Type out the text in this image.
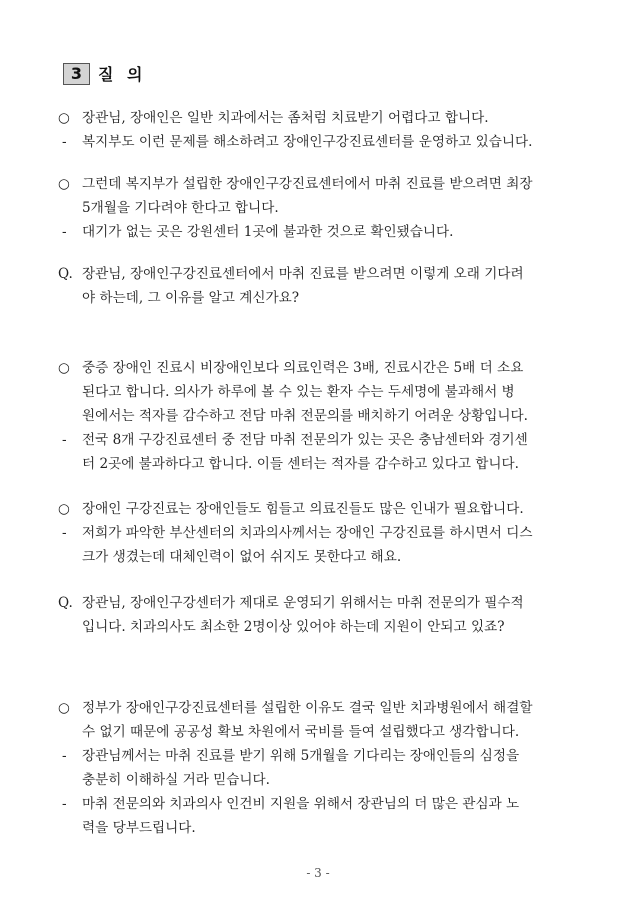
3 질 의
○ 장관님, 장애인은 일반 치과에서는 좀처럼 치료받기 어렵다고 합니다.
-	복지부도 이런 문제를 해소하려고 장애인구강진료센터를 운영하고 있습니다.
○ 그런데 복지부가 설립한 장애인구강진료센터에서 마취 진료를 받으려면 최장
5개월을 기다려야 한다고 합니다.
-	대기가 없는 곳은 강원센터 1곳에 불과한 것으로 확인됐습니다.
Q. 장관님, 장애인구강진료센터에서 마취 진료를 받으려면 이렇게 오래 기다려
야 하는데, 그 이유를 알고 계신가요?
○ 중증 장애인 진료시 비장애인보다 의료인력은 3배, 진료시간은 5배 더 소요
된다고 합니다. 의사가 하루에 볼 수 있는 환자 수는 두세명에 불과해서 병
원에서는 적자를 감수하고 전담 마취 전문의를 배치하기 어려운 상황입니다.
-	전국 8개 구강진료센터 중 전담 마취 전문의가 있는 곳은 충남센터와 경기센
터 2곳에 불과하다고 합니다. 이들 센터는 적자를 감수하고 있다고 합니다.
○ 장애인 구강진료는 장애인들도 힘들고 의료진들도 많은 인내가 필요합니다.
-	저희가 파악한 부산센터의 치과의사께서는 장애인 구강진료를 하시면서 디스
크가 생겼는데 대체인력이 없어 쉬지도 못한다고 해요.
Q. 장관님, 장애인구강센터가 제대로 운영되기 위해서는 마취 전문의가 필수적
입니다. 치과의사도 최소한 2명이상 있어야 하는데 지원이 안되고 있죠?
○ 정부가 장애인구강진료센터를 설립한 이유도 결국 일반 치과병원에서 해결할
수 없기 때문에 공공성 확보 차원에서 국비를 들여 설립했다고 생각합니다.
-	장관님께서는 마취 진료를 받기 위해 5개월을 기다리는 장애인들의 심정을
충분히 이해하실 거라 믿습니다.
-	마취 전문의와 치과의사 인건비 지원을 위해서 장관님의 더 많은 관심과 노
력을 당부드립니다.
- 3 -
